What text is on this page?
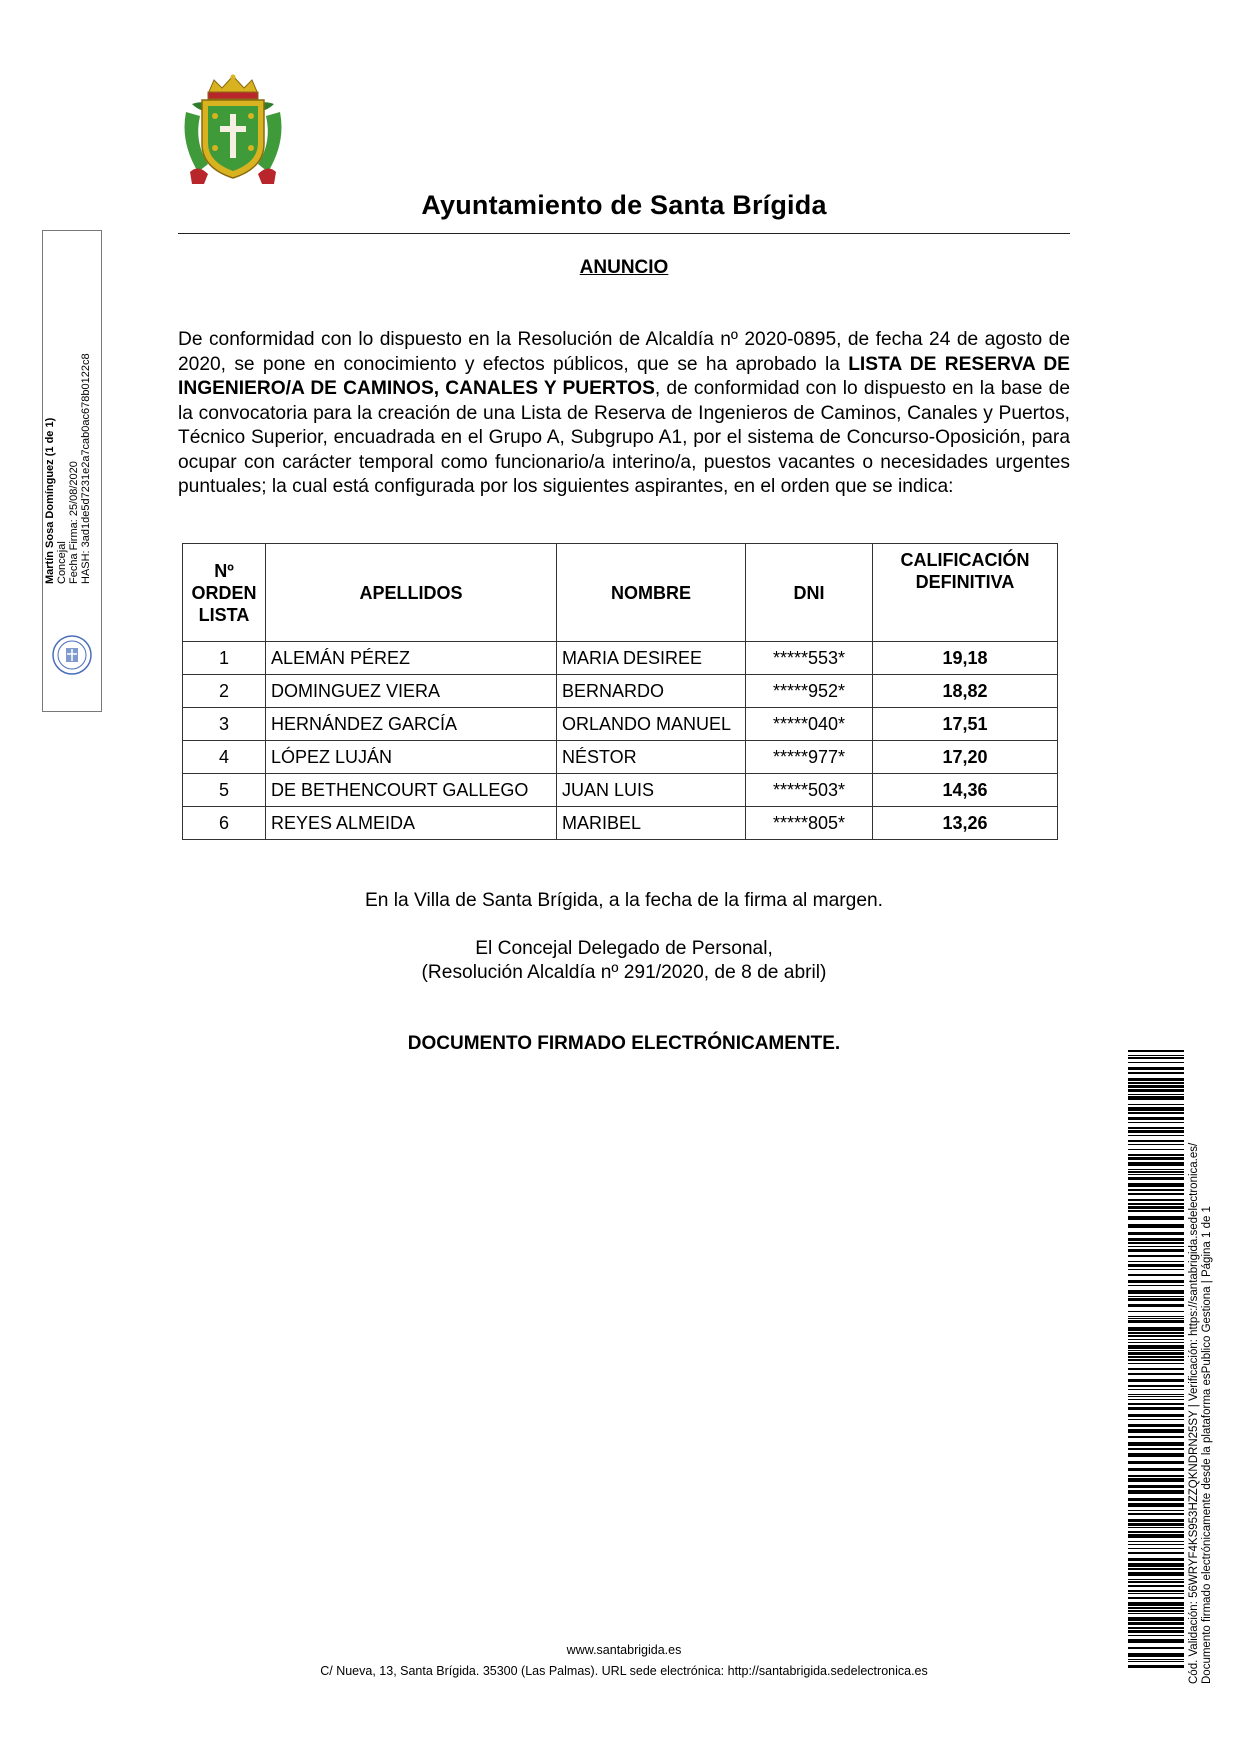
Ayuntamiento de Santa Brígida
ANUNCIO
De conformidad con lo dispuesto en la Resolución de Alcaldía nº 2020-0895, de fecha 24 de agosto de 2020, se pone en conocimiento y efectos públicos, que se ha aprobado la LISTA DE RESERVA DE INGENIERO/A DE CAMINOS, CANALES Y PUERTOS, de conformidad con lo dispuesto en la base de la convocatoria para la creación de una Lista de Reserva de Ingenieros de Caminos, Canales y Puertos, Técnico Superior, encuadrada en el Grupo A, Subgrupo A1, por el sistema de Concurso-Oposición, para ocupar con carácter temporal como funcionario/a interino/a, puestos vacantes o necesidades urgentes puntuales; la cual está configurada por los siguientes aspirantes, en el orden que se indica:
Nº ORDEN LISTA	APELLIDOS	NOMBRE	DNI	CALIFICACIÓN DEFINITIVA
1	ALEMÁN PÉREZ	MARIA DESIREE	*****553*	19,18
2	DOMINGUEZ VIERA	BERNARDO	*****952*	18,82
3	HERNÁNDEZ GARCÍA	ORLANDO MANUEL	*****040*	17,51
4	LÓPEZ LUJÁN	NÉSTOR	*****977*	17,20
5	DE BETHENCOURT GALLEGO	JUAN LUIS	*****503*	14,36
6	REYES ALMEIDA	MARIBEL	*****805*	13,26
En la Villa de Santa Brígida, a la fecha de la firma al margen.
El Concejal Delegado de Personal,
(Resolución Alcaldía nº 291/2020, de 8 de abril)
DOCUMENTO FIRMADO ELECTRÓNICAMENTE.
www.santabrigida.es
C/ Nueva, 13, Santa Brígida. 35300 (Las Palmas). URL sede electrónica: http://santabrigida.sedelectronica.es
Martín Sosa Domínguez (1 de 1) Concejal Fecha Firma: 25/08/2020 HASH: 3ad1de5d7231e2a7cab0ac678b0122c8
Cód. Validación: 56WRYF4KS953HZZQKNDRN25SY | Verificación: https://santabrigida.sedelectronica.es/ Documento firmado electrónicamente desde la plataforma esPublico Gestiona | Página 1 de 1
